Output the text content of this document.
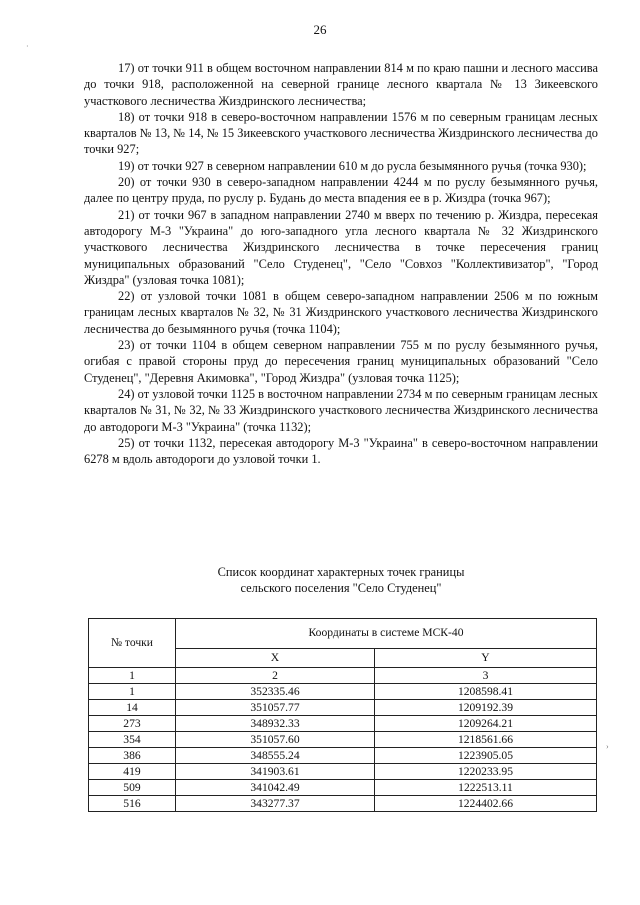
26
·
›

17) от точки 911 в общем восточном направлении 814 м по краю пашни и лесного массива до точки 918, расположенной на северной границе лесного квартала № 13 Зикеевского участкового лесничества Жиздринского лесничества;

18) от точки 918 в северо-восточном направлении 1576 м по северным границам лесных кварталов № 13, № 14, № 15 Зикеевского участкового лесничества Жиздринского лесничества до точки 927;

19) от точки 927 в северном направлении 610 м до русла безымянного ручья (точка 930);

20) от точки 930 в северо-западном направлении 4244 м по руслу безымянного ручья, далее по центру пруда, по руслу р. Будань до места впадения ее в р. Жиздра (точка 967);

21) от точки 967 в западном направлении 2740 м вверх по течению р. Жиздра, пересекая автодорогу М-3 "Украина" до юго-западного угла лесного квартала № 32 Жиздринского участкового лесничества Жиздринского лесничества в точке пересечения границ муниципальных образований "Село Студенец", "Село "Совхоз "Коллективизатор", "Город Жиздра" (узловая точка 1081);

22) от узловой точки 1081 в общем северо-западном направлении 2506 м по южным границам лесных кварталов № 32, № 31 Жиздринского участкового лесничества Жиздринского лесничества до безымянного ручья (точка 1104);

23) от точки 1104 в общем северном направлении 755 м по руслу безымянного ручья, огибая с правой стороны пруд до пересечения границ муниципальных образований "Село Студенец", "Деревня Акимовка", "Город Жиздра" (узловая точка 1125);

24) от узловой точки 1125 в восточном направлении 2734 м по северным границам лесных кварталов № 31, № 32, № 33 Жиздринского участкового лесничества Жиздринского лесничества до автодороги М-3 "Украина" (точка 1132);

25) от точки 1132, пересекая автодорогу М-3 "Украина" в северо-восточном направлении 6278 м вдоль автодороги до узловой точки 1.

Список координат характерных точек границы
сельского поселения "Село Студенец"
№ точки	Координаты в системе МСК-40	
	X	Y
1	2	3
1	352335.46	1208598.41
14	351057.77	1209192.39
273	348932.33	1209264.21
354	351057.60	1218561.66
386	348555.24	1223905.05
419	341903.61	1220233.95
509	341042.49	1222513.11
516	343277.37	1224402.66
